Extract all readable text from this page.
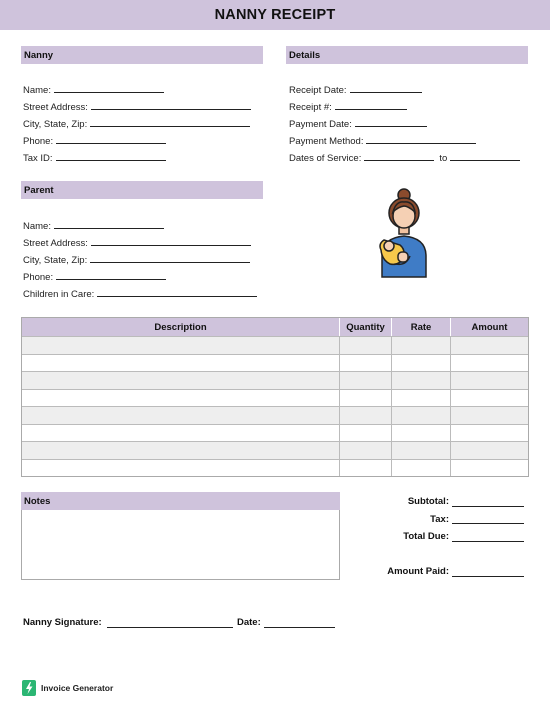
NANNY RECEIPT
Nanny
Name:
Street Address:
City, State, Zip:
Phone:
Tax ID:
Details
Receipt Date:
Receipt #:
Payment Date:
Payment Method:
Dates of Service:	to
Parent
Name:
Street Address:
City, State, Zip:
Phone:
Children in Care:
Description	Quantity	Rate	Amount
Notes	Subtotal:
Tax:
Total Due:
Amount Paid:
Nanny Signature:	Date:
Invoice Generator
